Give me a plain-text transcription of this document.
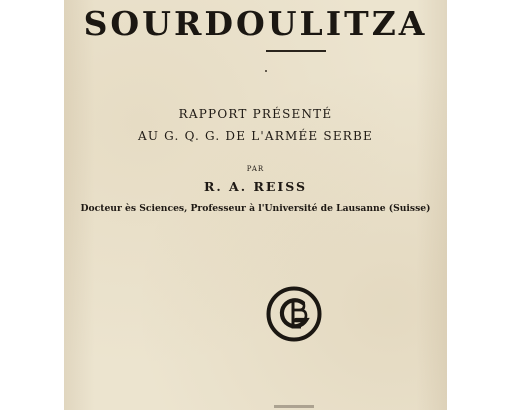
SOURDOULITZA
RAPPORT PRÉSENTÉ
AU G. Q. G. DE L'ARMÉE SERBE
PAR
R. A. REISS
Docteur ès Sciences, Professeur à l'Université de Lausanne (Suisse)
